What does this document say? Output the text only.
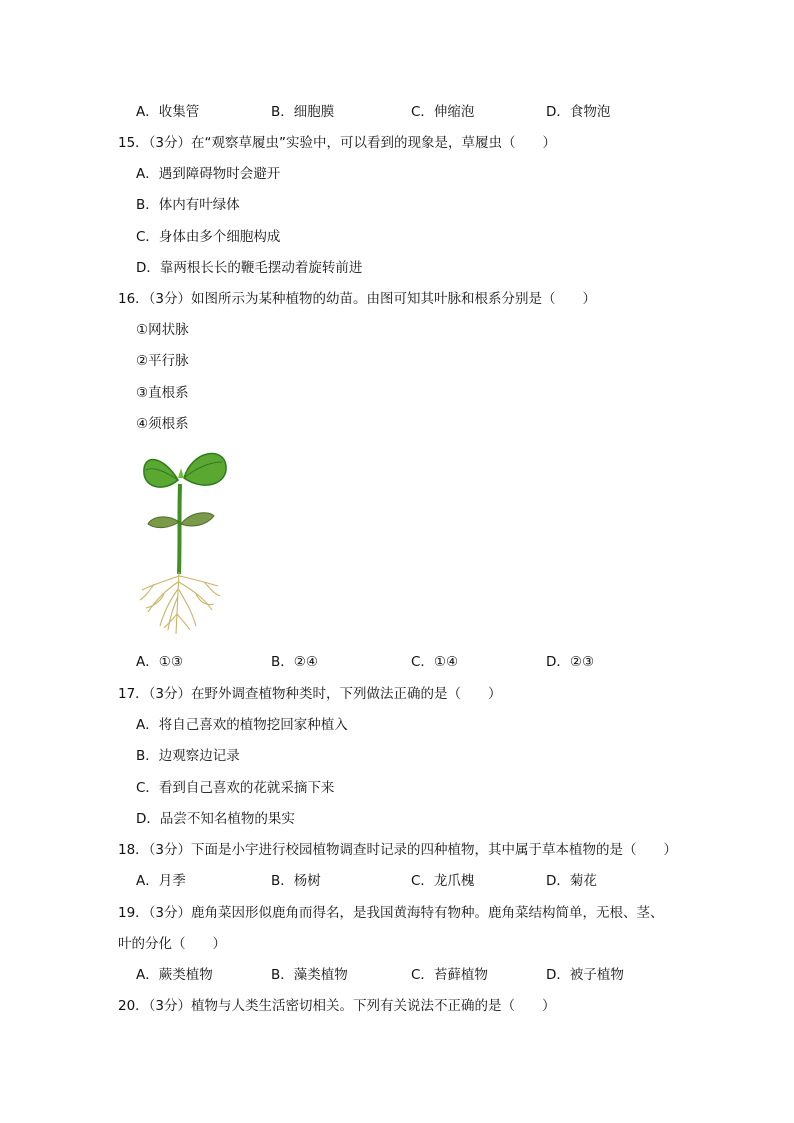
A．收集管	B．细胞膜	C．伸缩泡	D．食物泡
15．（3分）在“观察草履虫”实验中，可以看到的现象是，草履虫（　　）
A．遇到障碍物时会避开
B．体内有叶绿体
C．身体由多个细胞构成
D．靠两根长长的鞭毛摆动着旋转前进
16．（3分）如图所示为某种植物的幼苗。由图可知其叶脉和根系分别是（　　）
①网状脉
②平行脉
③直根系
④须根系
A．①③	B．②④	C．①④	D．②③
17．（3分）在野外调查植物种类时，下列做法正确的是（　　）
A．将自己喜欢的植物挖回家种植入
B．边观察边记录
C．看到自己喜欢的花就采摘下来
D．品尝不知名植物的果实
18．（3分）下面是小宇进行校园植物调查时记录的四种植物，其中属于草本植物的是（　　）
A．月季	B．杨树	C．龙爪槐	D．菊花
19．（3分）鹿角菜因形似鹿角而得名，是我国黄海特有物种。鹿角菜结构简单，无根、茎、
叶的分化（　　）
A．蕨类植物	B．藻类植物	C．苔藓植物	D．被子植物
20．（3分）植物与人类生活密切相关。下列有关说法不正确的是（　　）
